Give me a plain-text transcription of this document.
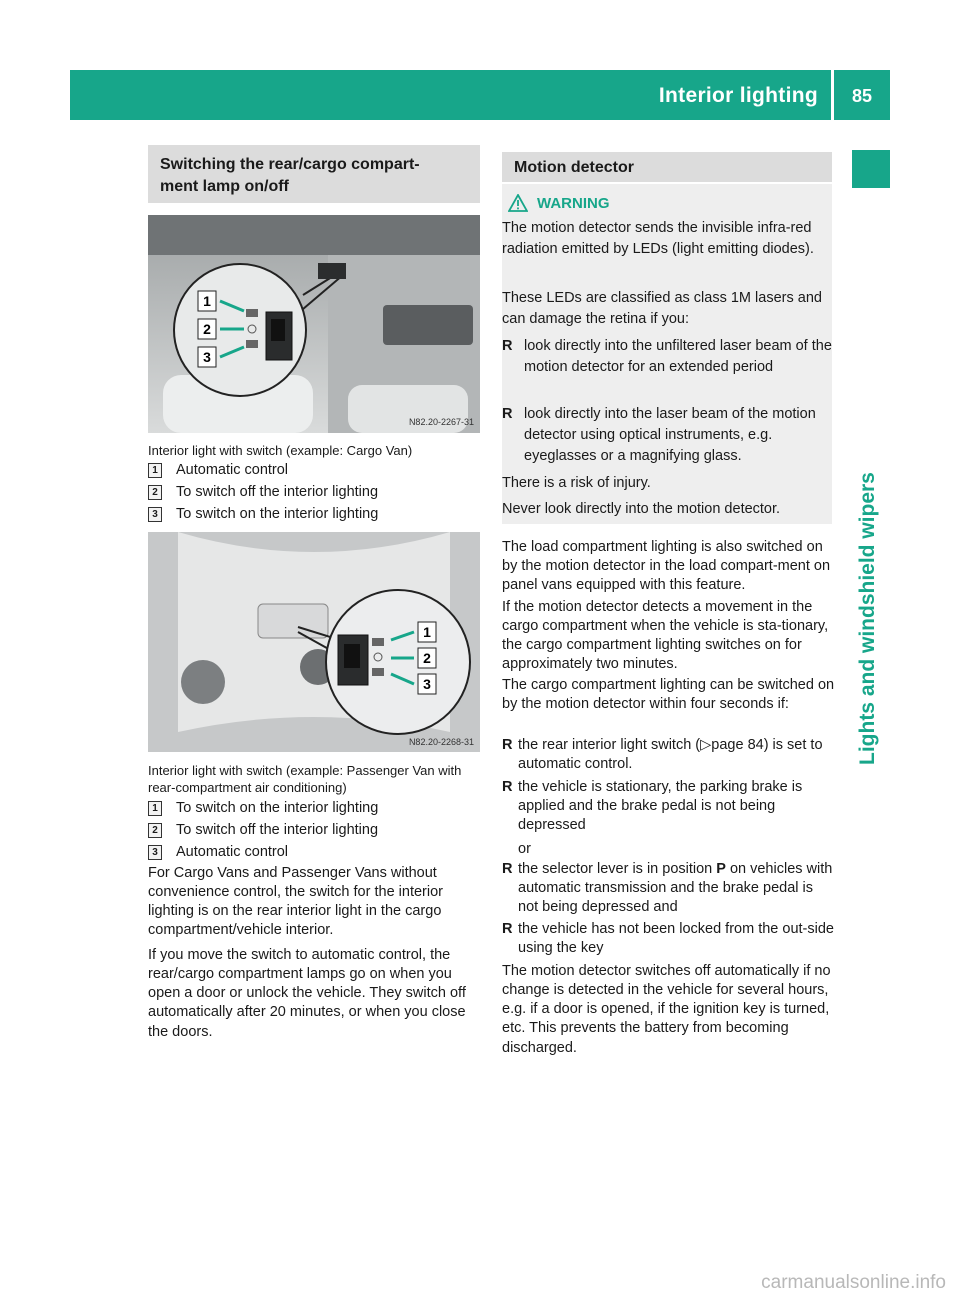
Interior lighting 85
Lights and windshield wipers
Switching the rear/cargo compart-
ment lamp on/off
1
2
3
N82.20-2267-31
Interior light with switch (example: Cargo Van)
1 Automatic control
2 To switch off the interior lighting
3 To switch on the interior lighting
1
2
3
N82.20-2268-31
Interior light with switch (example: Passenger Van with rear-compartment air conditioning)
1 To switch on the interior lighting
2 To switch off the interior lighting
3 Automatic control
For Cargo Vans and Passenger Vans without convenience control, the switch for the interior lighting is on the rear interior light in the cargo compartment/vehicle interior.
If you move the switch to automatic control, the rear/cargo compartment lamps go on when you open a door or unlock the vehicle. They switch off automatically after 20 minutes, or when you close the doors.
Motion detector
WARNING
The motion detector sends the invisible infra-red radiation emitted by LEDs (light emitting diodes).
These LEDs are classified as class 1M lasers and can damage the retina if you:
R look directly into the unfiltered laser beam of the motion detector for an extended period
R look directly into the laser beam of the motion detector using optical instruments, e.g. eyeglasses or a magnifying glass.
There is a risk of injury.
Never look directly into the motion detector.
The load compartment lighting is also switched on by the motion detector in the load compart-ment on panel vans equipped with this feature.
If the motion detector detects a movement in the cargo compartment when the vehicle is sta-tionary, the cargo compartment lighting switches on for approximately two minutes.
The cargo compartment lighting can be switched on by the motion detector within four seconds if:
R the rear interior light switch (▷page 84) is set to automatic control.
R the vehicle is stationary, the parking brake is applied and the brake pedal is not being depressed
or
R the selector lever is in position P on vehicles with automatic transmission and the brake pedal is not being depressed and
R the vehicle has not been locked from the out-side using the key
The motion detector switches off automatically if no change is detected in the vehicle for several hours, e.g. if a door is opened, if the ignition key is turned, etc. This prevents the battery from becoming discharged.
carmanualsonline.info
